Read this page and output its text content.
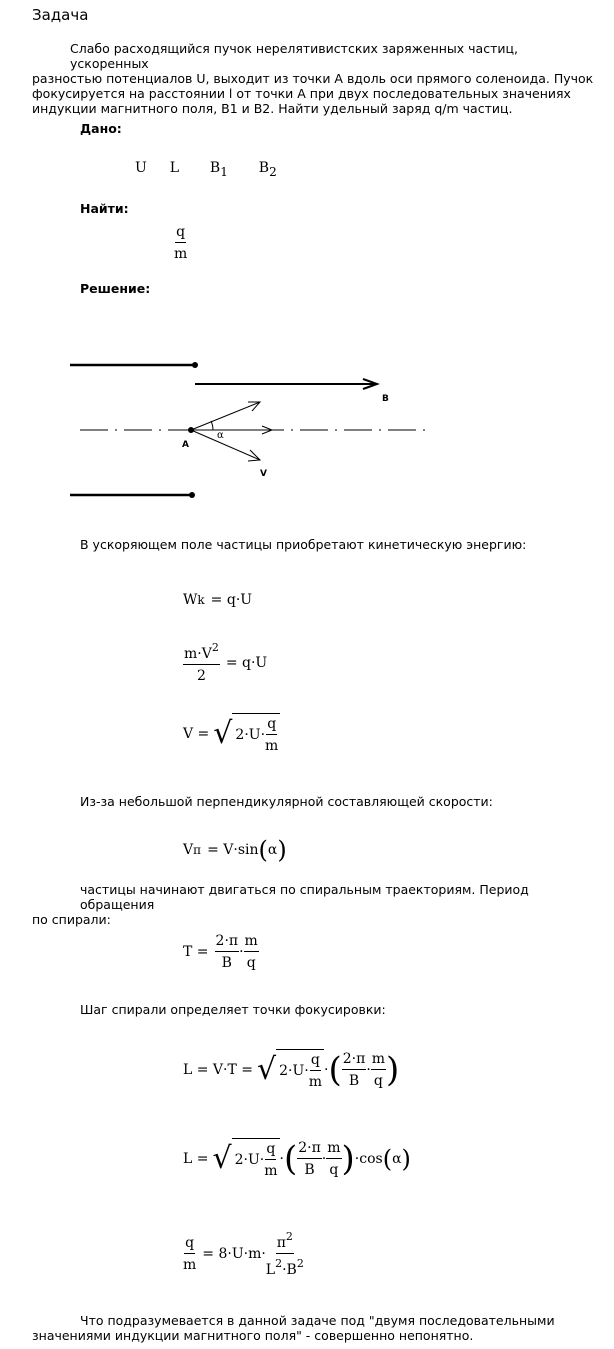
Задача
Слабо расходящийся пучок нерелятивистских заряженных частиц, ускоренных
разностью потенциалов U, выходит из точки A вдоль оси прямого соленоида. Пучок
фокусируется на расстоянии l от точки A при двух последовательных значениях
индукции магнитного поля, B1 и B2. Найти удельный заряд q/m частиц.
Дано:
U L B1 B2
Найти:
$\frac{q}{m}$
Решение:
B
A
α
V
В ускоряющем поле частицы приобретают кинетическую энергию:
W k = q·U
$\frac{m\cdot V^2}{2} = q\cdot U$
V = √ $2\cdot U\cdot \frac{q}{m}$
Из-за небольшой перпендикулярной составляющей скорости:
V п = V·sin ( α )
частицы начинают двигаться по спиральным траекториям. Период обращения
по спирали:
$T = \frac{2\cdot\pi}{B} \cdot \frac{m}{q}$
Шаг спирали определяет точки фокусировки:
L = V·T = √ $2\cdot U\cdot \frac{q}{m}$ · ( $\frac{2\cdot\pi}{B} \cdot \frac{m}{q}$ )
L = √ $2\cdot U\cdot \frac{q}{m}$ · ( $\frac{2\cdot\pi}{B} \cdot \frac{m}{q}$ ) ·cos ( α )
$\frac{q}{m} = 8\cdot U\cdot m\cdot \frac{\pi^2}{L^2\cdot B^2}$
Что подразумевается в данной задаче под "двумя последовательными
значениями индукции магнитного поля" - совершенно непонятно.
